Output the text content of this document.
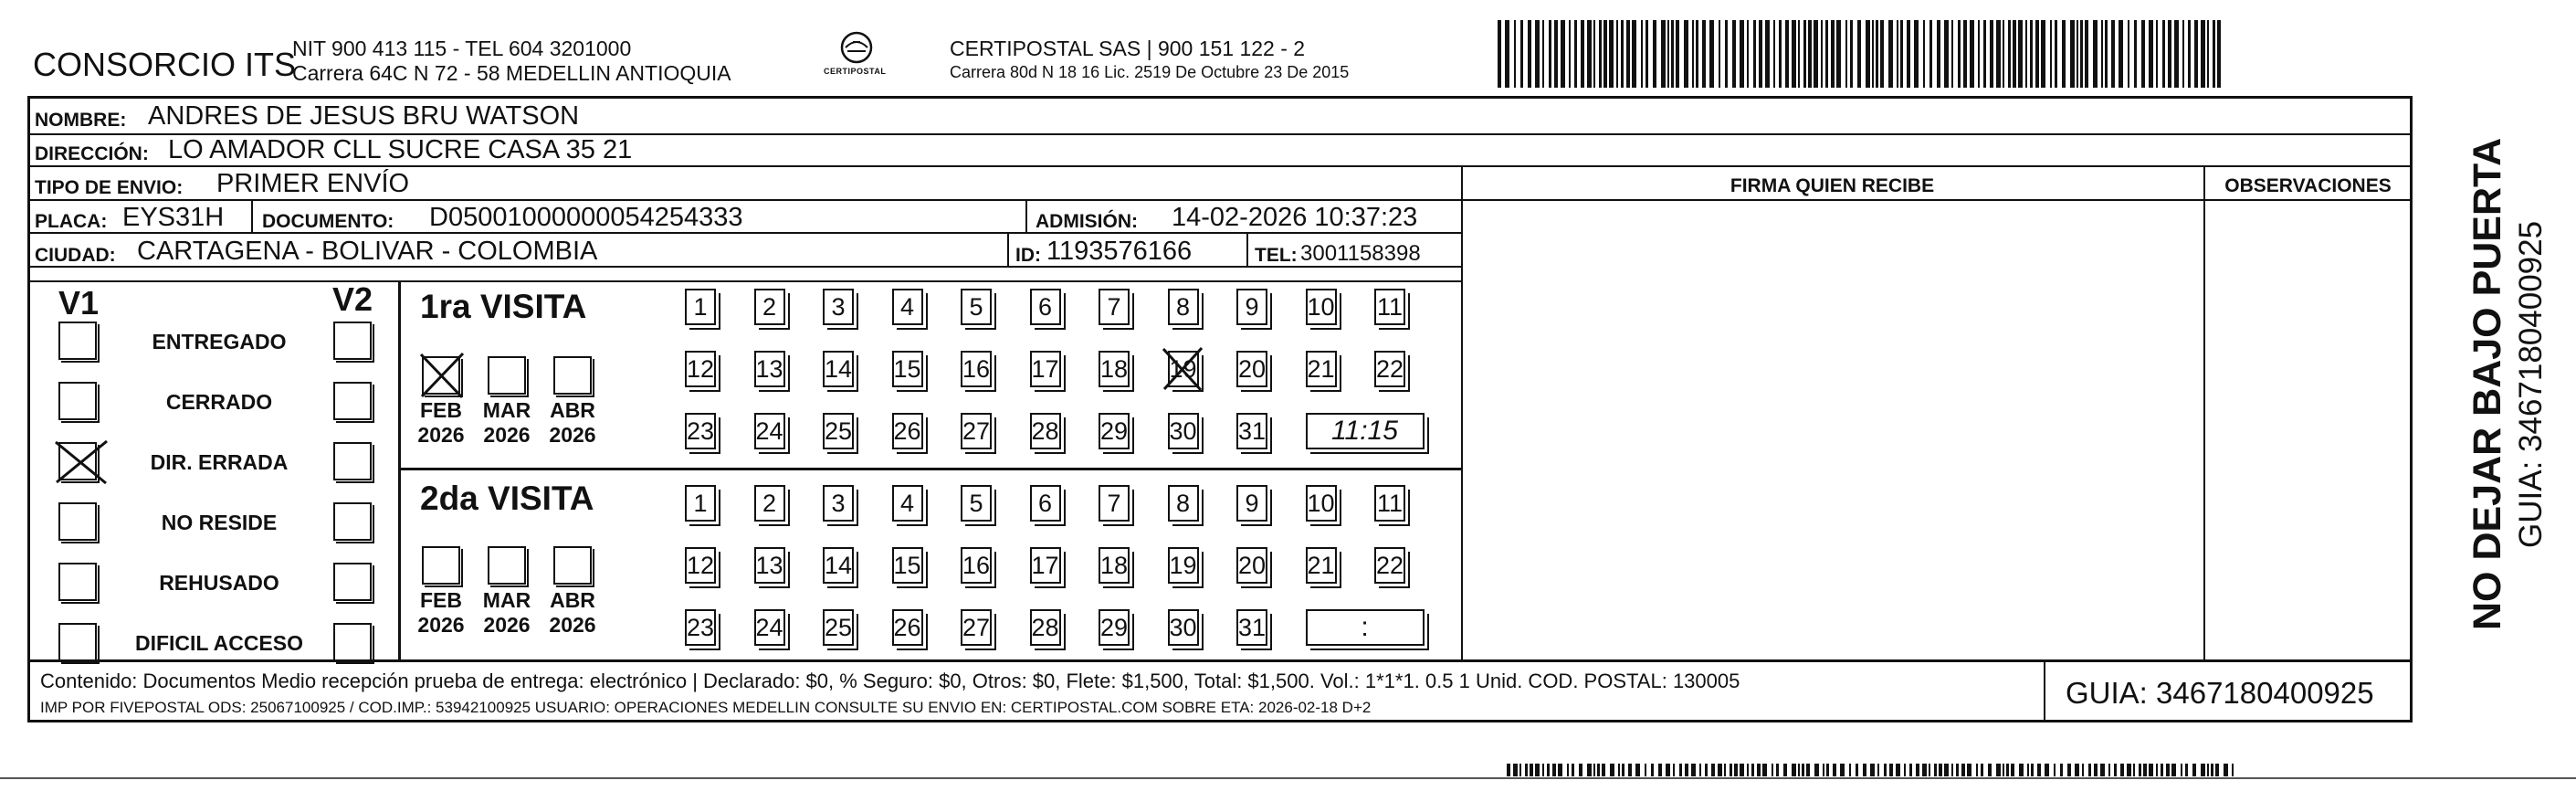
CONSORCIO ITS
NIT 900 413 115 - TEL 604 3201000
Carrera 64C N 72 - 58 MEDELLIN ANTIOQUIA	CERTIPOSTAL
CERTIPOSTAL SAS | 900 151 122 - 2
Carrera 80d N 18 16 Lic. 2519 De Octubre 23 De 2015
NOMBRE: ANDRES DE JESUS BRU WATSON
DIRECCIÓN: LO AMADOR CLL SUCRE CASA 35 21
TIPO DE ENVIO: PRIMER ENVÍO	FIRMA QUIEN RECIBE	OBSERVACIONES
PLACA: EYS31H DOCUMENTO: D05001000000054254333	ADMISIÓN: 14-02-2026 10:37:23
CIUDAD: CARTAGENA - BOLIVAR - COLOMBIA	ID: 1193576166	TEL: 3001158398
V1	V2
ENTREGADO
CERRADO
DIR. ERRADA
NO RESIDE
REHUSADO
DIFICIL ACCESO
1ra VISITA
FEB
2026
MAR
2026
ABR
2026
1	2	3	4	5	6	7	8	9	10 11
12 13 14 15 16 17 18 19 20 21 22
23 24 25 26 27 28 29 30 31	11:15
2da VISITA
FEB
2026
MAR
2026
ABR
2026
1	2	3	4	5	6	7	8	9	10 11
12 13 14 15 16 17 18 19 20 21 22
23 24 25 26 27 28 29 30 31	:
Contenido: Documentos Medio recepción prueba de entrega: electrónico | Declarado: $0, % Seguro: $0, Otros: $0, Flete: $1,500, Total: $1,500. Vol.: 1*1*1. 0.5 1 Unid. COD. POSTAL: 130005
IMP POR FIVEPOSTAL ODS: 25067100925 / COD.IMP.: 53942100925 USUARIO: OPERACIONES MEDELLIN CONSULTE SU ENVIO EN: CERTIPOSTAL.COM SOBRE ETA: 2026-02-18 D+2	GUIA: 3467180400925
NO DEJAR BAJO PUERTA GUIA: 3467180400925
